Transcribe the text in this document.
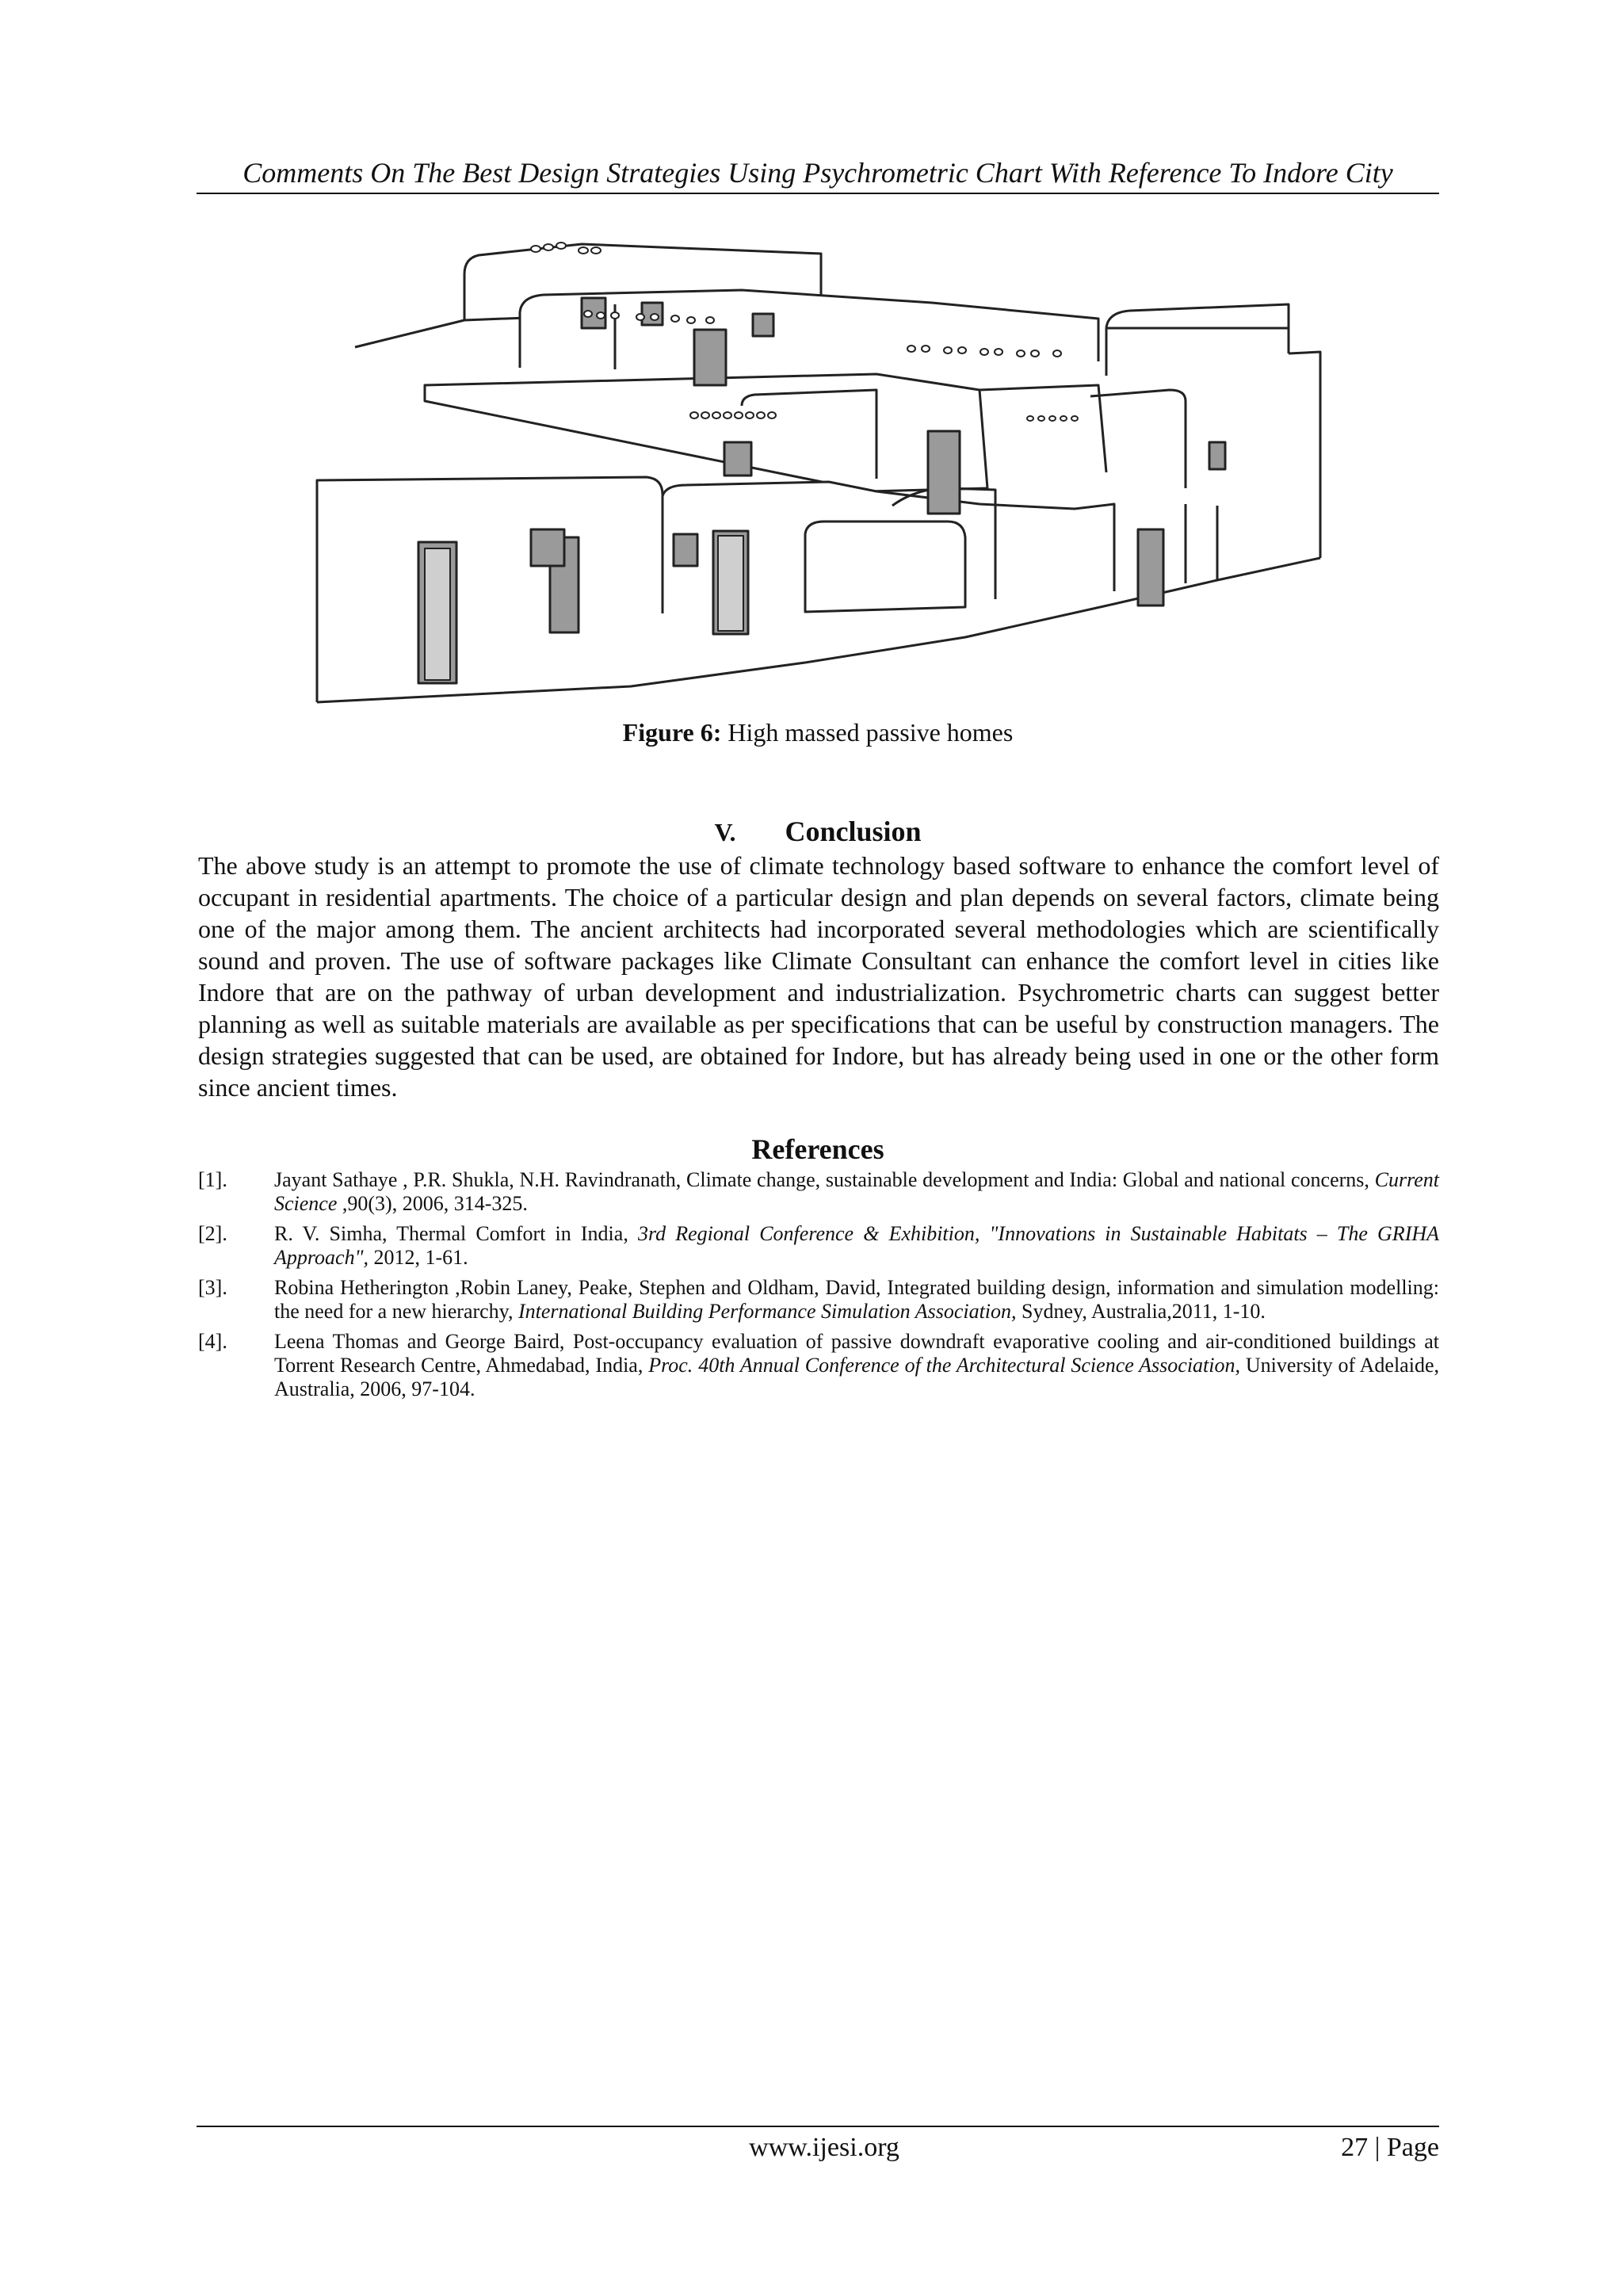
Comments On The Best Design Strategies Using Psychrometric Chart With Reference To Indore City
Figure 6: High massed passive homes
V. Conclusion

The above study is an attempt to promote the use of climate technology based software to enhance the comfort level of occupant in residential apartments. The choice of a particular design and plan depends on several factors, climate being one of the major among them. The ancient architects had incorporated several methodologies which are scientifically sound and proven. The use of software packages like Climate Consultant can enhance the comfort level in cities like Indore that are on the pathway of urban development and industrialization. Psychrometric charts can suggest better planning as well as suitable materials are available as per specifications that can be useful by construction managers. The design strategies suggested that can be used, are obtained for Indore, but has already being used in one or the other form since ancient times.

References
[1]. Jayant Sathaye , P.R. Shukla, N.H. Ravindranath, Climate change, sustainable development and India: Global and national concerns, Current Science ,90(3), 2006, 314-325.
[2]. R. V. Simha, Thermal Comfort in India, 3rd Regional Conference & Exhibition, "Innovations in Sustainable Habitats – The GRIHA Approach", 2012, 1-61.
[3]. Robina Hetherington ,Robin Laney, Peake, Stephen and Oldham, David, Integrated building design, information and simulation modelling: the need for a new hierarchy, International Building Performance Simulation Association, Sydney, Australia,2011, 1-10.
[4]. Leena Thomas and George Baird, Post-occupancy evaluation of passive downdraft evaporative cooling and air-conditioned buildings at Torrent Research Centre, Ahmedabad, India, Proc. 40th Annual Conference of the Architectural Science Association, University of Adelaide, Australia, 2006, 97-104.
www.ijesi.org	27 | Page
